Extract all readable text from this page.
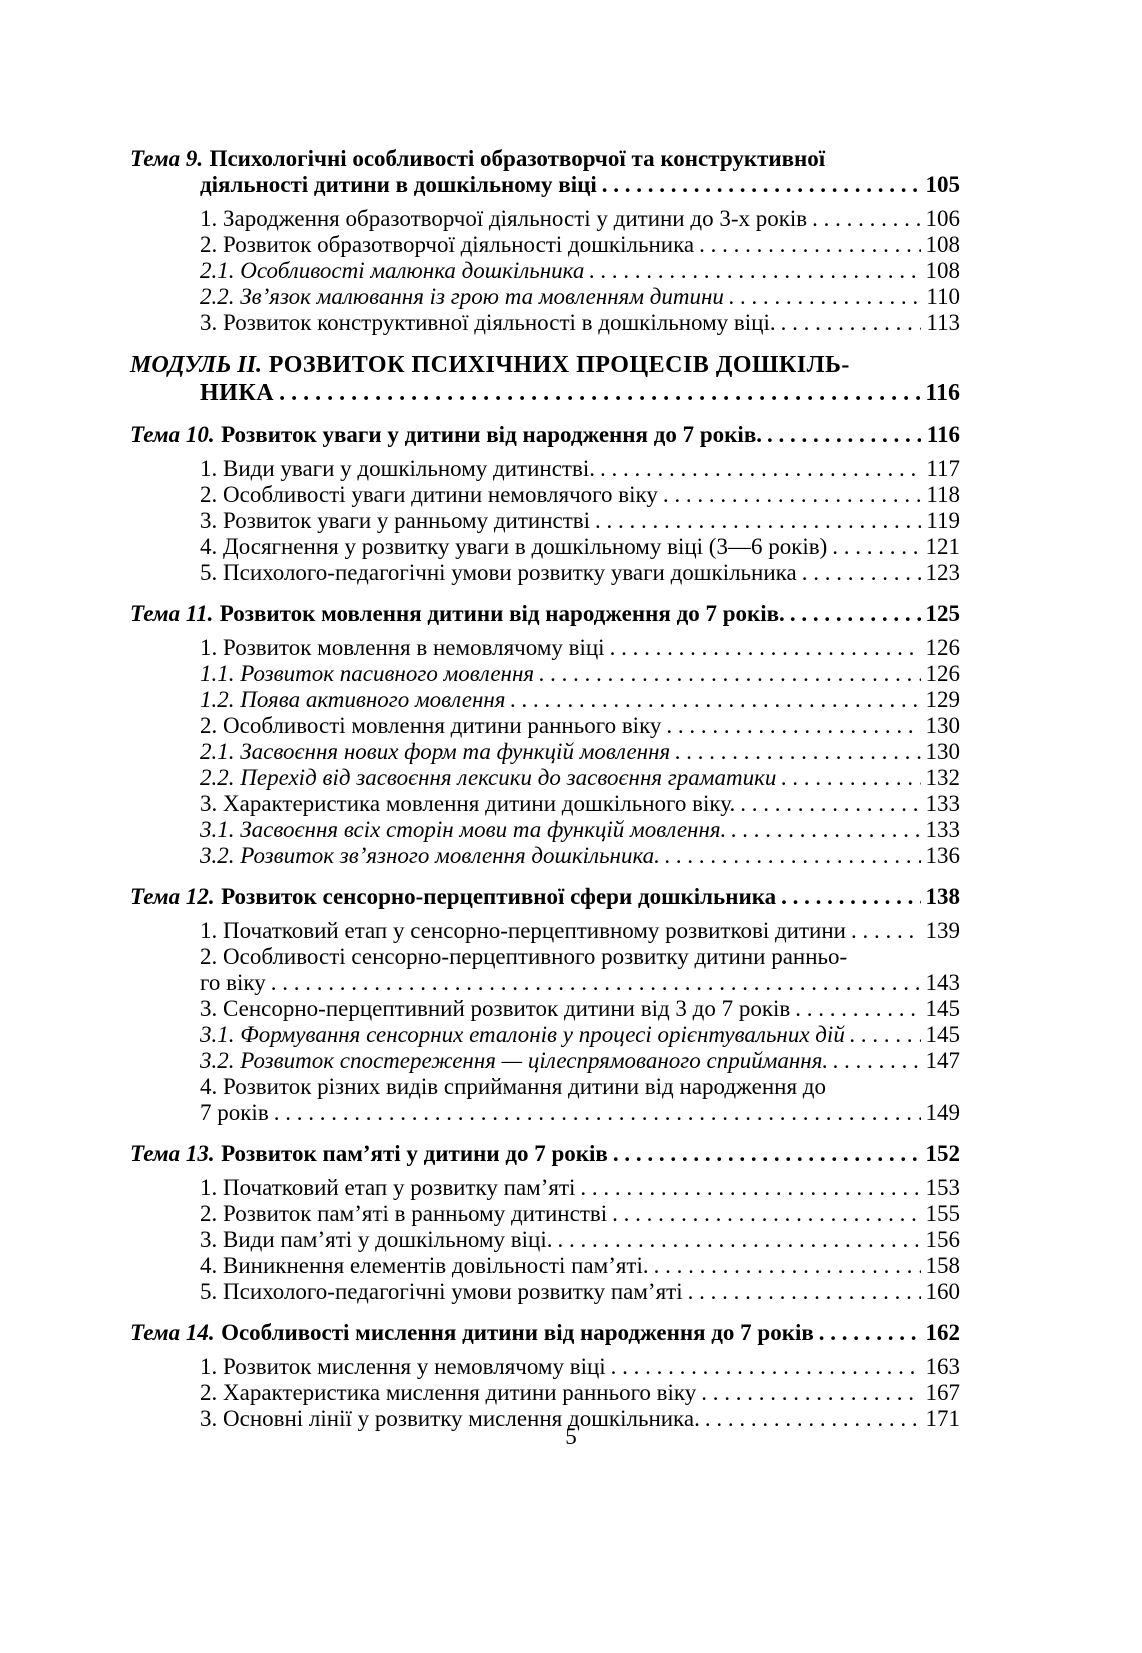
Тема 9. Психологічні особливості образотворчої та конструктивної
діяльності дитини в дошкільному віці . . .	105
1. Зародження образотворчої діяльності у дитини до 3-х років . . .	106
2. Розвиток образотворчої діяльності дошкільника . . .	108
2.1. Особливості малюнка дошкільника . . .	108
2.2. Зв’язок малювання із грою та мовленням дитини . . .	110
3. Розвиток конструктивної діяльності в дошкільному віці. . . .	113
МОДУЛЬ II. РОЗВИТОК ПСИХІЧНИХ ПРОЦЕСІВ ДОШКІЛЬ-
НИКА . . .	116
Тема 10. Розвиток уваги у дитини від народження до 7 років. . . .	116
1. Види уваги у дошкільному дитинстві. . . .	117
2. Особливості уваги дитини немовлячого віку . . .	118
3. Розвиток уваги у ранньому дитинстві . . .	119
4. Досягнення у розвитку уваги в дошкільному віці (3—6 років) . . .	121
5. Психолого-педагогічні умови розвитку уваги дошкільника . . .	123
Тема 11. Розвиток мовлення дитини від народження до 7 років. . . .	125
1. Розвиток мовлення в немовлячому віці . . .	126
1.1. Розвиток пасивного мовлення . . .	126
1.2. Поява активного мовлення . . .	129
2. Особливості мовлення дитини раннього віку . . .	130
2.1. Засвоєння нових форм та функцій мовлення . . .	130
2.2. Перехід від засвоєння лексики до засвоєння граматики . . .	132
3. Характеристика мовлення дитини дошкільного віку. . . .	133
3.1. Засвоєння всіх сторін мови та функцій мовлення. . . .	133
3.2. Розвиток зв’язного мовлення дошкільника. . . .	136
Тема 12. Розвиток сенсорно-перцептивної сфери дошкільника . . .	138
1. Початковий етап у сенсорно-перцептивному розвиткові дитини . . .	139
2. Особливості сенсорно-перцептивного розвитку дитини ранньо-
го віку . . .	143
3. Сенсорно-перцептивний розвиток дитини від 3 до 7 років . . .	145
3.1. Формування сенсорних еталонів у процесі орієнтувальних дій . . .	145
3.2. Розвиток спостереження — цілеспрямованого сприймання. . . .	147
4. Розвиток різних видів сприймання дитини від народження до
7 років . . .	149
Тема 13. Розвиток пам’яті у дитини до 7 років . . .	152
1. Початковий етап у розвитку пам’яті . . .	153
2. Розвиток пам’яті в ранньому дитинстві . . .	155
3. Види пам’яті у дошкільному віці. . . .	156
4. Виникнення елементів довільності пам’яті. . . .	158
5. Психолого-педагогічні умови розвитку пам’яті . . .	160
Тема 14. Особливості мислення дитини від народження до 7 років . . .	162
1. Розвиток мислення у немовлячому віці . . .	163
2. Характеристика мислення дитини раннього віку . . .	167
3. Основні лінії у розвитку мислення дошкільника. . . .	171
5
